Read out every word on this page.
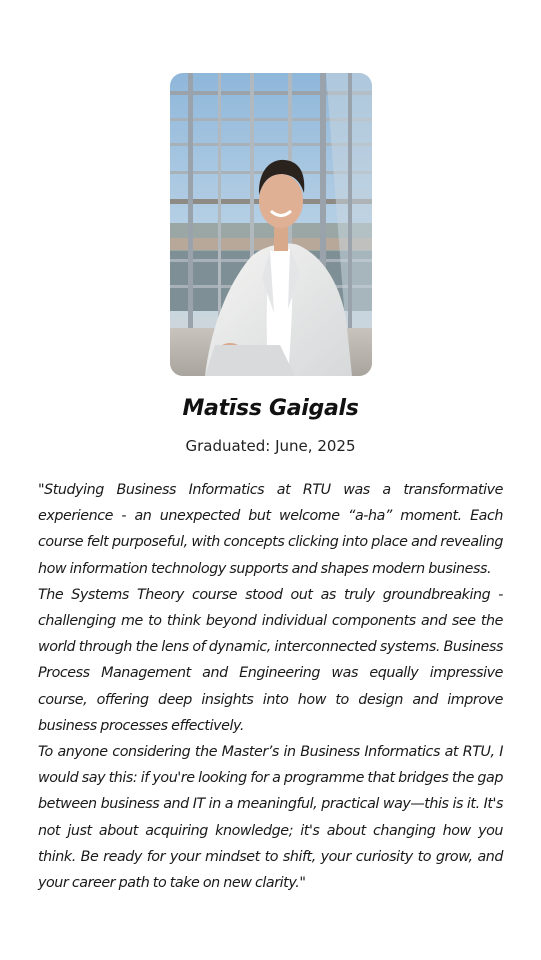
Matīss Gaigals
Graduated: June, 2025

"Studying Business Informatics at RTU was a transformative experience - an unexpected but welcome “a-ha” moment. Each course felt purposeful, with concepts clicking into place and revealing how information technology supports and shapes modern business.

The Systems Theory course stood out as truly groundbreaking - challenging me to think beyond individual components and see the world through the lens of dynamic, interconnected systems. Business Process Management and Engineering was equally impressive course, offering deep insights into how to design and improve business processes effectively.

To anyone considering the Master’s in Business Informatics at RTU, I would say this: if you're looking for a programme that bridges the gap between business and IT in a meaningful, practical way—this is it. It's not just about acquiring knowledge; it's about changing how you think. Be ready for your mindset to shift, your curiosity to grow, and your career path to take on new clarity."
